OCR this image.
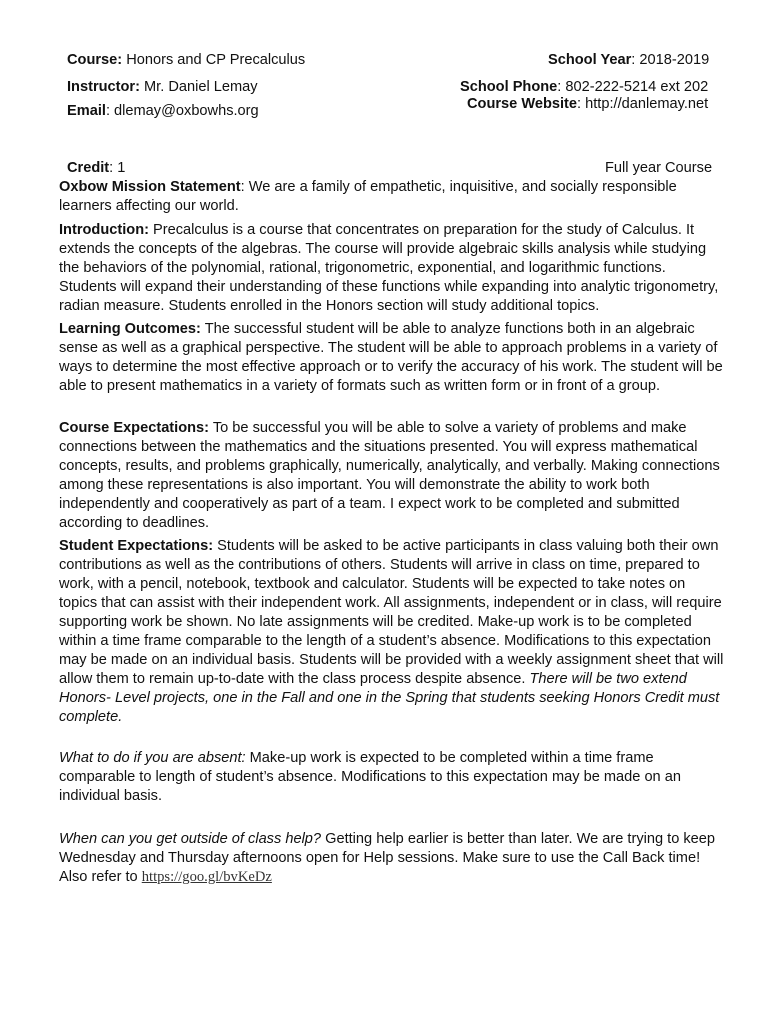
Course: Honors and CP Precalculus	School Year: 2018-2019
Instructor: Mr. Daniel Lemay	School Phone: 802-222-5214 ext 202
Email: dlemay@oxbowhs.org	Course Website: http://danlemay.net
Credit: 1	Full year Course

Oxbow Mission Statement: We are a family of empathetic, inquisitive, and socially responsible learners affecting our world.

Introduction: Precalculus is a course that concentrates on preparation for the study of Calculus. It extends the concepts of the algebras. The course will provide algebraic skills analysis while studying the behaviors of the polynomial, rational, trigonometric, exponential, and logarithmic functions. Students will expand their understanding of these functions while expanding into analytic trigonometry, radian measure. Students enrolled in the Honors section will study additional topics.

Learning Outcomes: The successful student will be able to analyze functions both in an algebraic sense as well as a graphical perspective. The student will be able to approach problems in a variety of ways to determine the most effective approach or to verify the accuracy of his work. The student will be able to present mathematics in a variety of formats such as written form or in front of a group.

Course Expectations: To be successful you will be able to solve a variety of problems and make connections between the mathematics and the situations presented. You will express mathematical concepts, results, and problems graphically, numerically, analytically, and verbally. Making connections among these representations is also important. You will demonstrate the ability to work both independently and cooperatively as part of a team. I expect work to be completed and submitted according to deadlines.

Student Expectations: Students will be asked to be active participants in class valuing both their own contributions as well as the contributions of others. Students will arrive in class on time, prepared to work, with a pencil, notebook, textbook and calculator. Students will be expected to take notes on topics that can assist with their independent work. All assignments, independent or in class, will require supporting work be shown. No late assignments will be credited. Make-up work is to be completed within a time frame comparable to the length of a student’s absence. Modifications to this expectation may be made on an individual basis. Students will be provided with a weekly assignment sheet that will allow them to remain up-to-date with the class process despite absence. There will be two extend Honors- Level projects, one in the Fall and one in the Spring that students seeking Honors Credit must complete.

What to do if you are absent: Make-up work is expected to be completed within a time frame comparable to length of student’s absence. Modifications to this expectation may be made on an individual basis.

When can you get outside of class help? Getting help earlier is better than later. We are trying to keep Wednesday and Thursday afternoons open for Help sessions. Make sure to use the Call Back time! Also refer to https://goo.gl/bvKeDz
